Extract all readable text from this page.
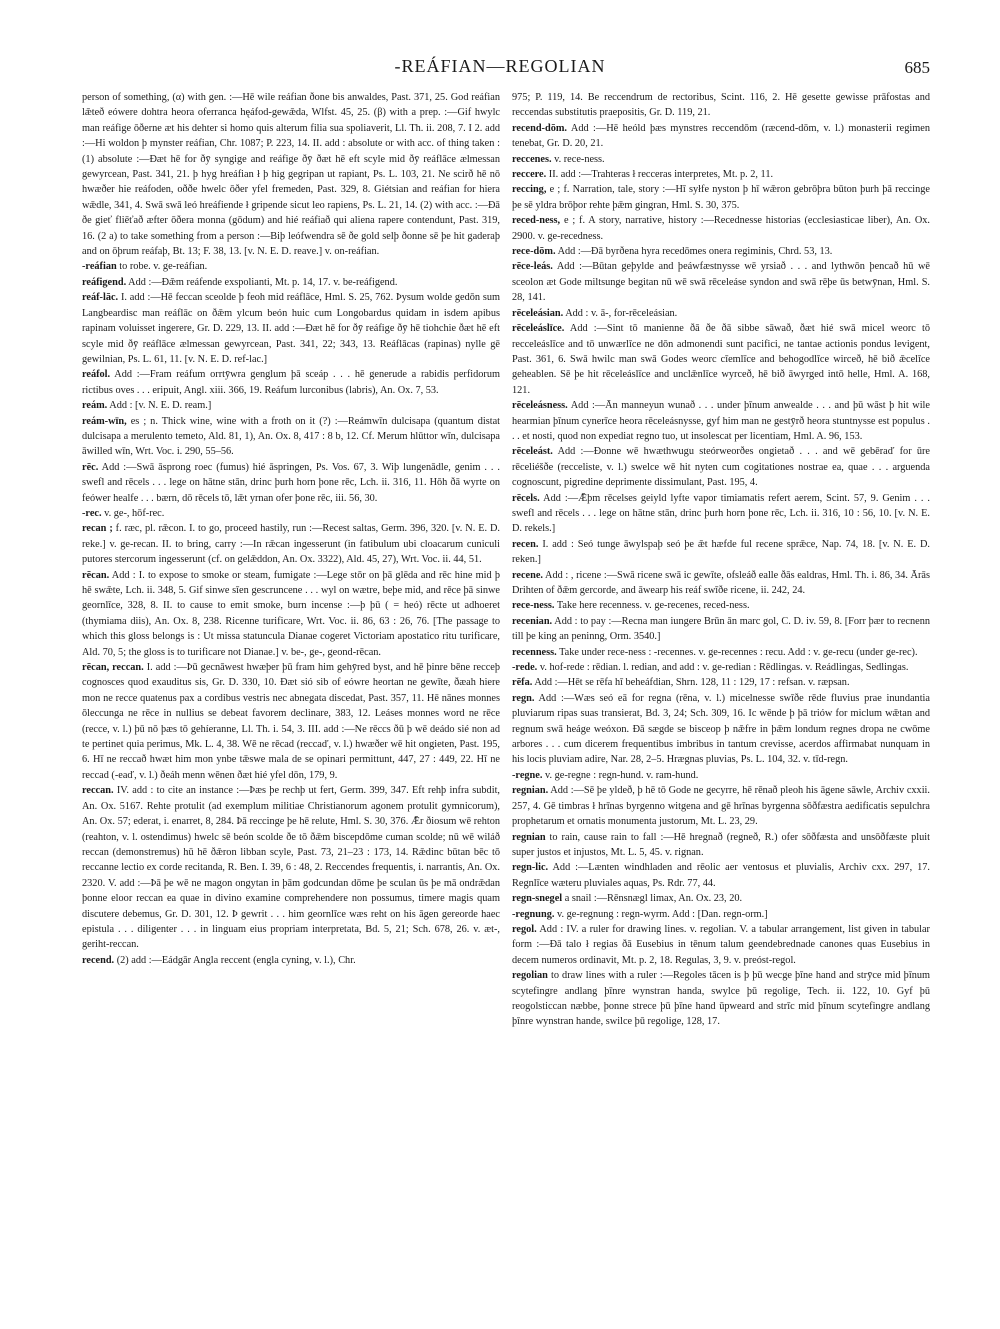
-REÁFIAN—REGOLIAN	685

person of something, (α) with gen. :—Hē wile reáfian ðone bis anwaldes, Past. 371, 25. God reáfian lǣteð eówere dohtra heora oferranca hęáfod-gewǣda, Wlfst. 45, 25. (β) with a prep. :—Gif hwylc man reáfige ōðerne æt his dehter si homo quis alterum filia sua spoliaverit, Ll. Th. ii. 208, 7. I 2. add :—Hi woldon þ mynster reáfian, Chr. 1087; P. 223, 14. II. add : absolute or with acc. of thing taken : (1) absolute :—Ðæt hē for ðȳ syngige and reáfige ðȳ ðæt hē eft scyle mid ðȳ reáflāce ælmessan gewyrcean, Past. 341, 21. þ hyg hreáfian ł þ hig gegripan ut rapiant, Ps. L. 103, 21. Ne scirð hē nō hwæðer hie reáfoden, oððe hwelc ōðer yfel fremeden, Past. 329, 8. Giétsian and reáfian for hiera wǣdle, 341, 4. Swā swā leó hreáfiende ł gripende sicut leo rapiens, Ps. L. 21, 14. (2) with acc. :—Ðā ðe gieť fliēťað æfter ōðera monna (gōdum) and hié reáfiað qui aliena rapere contendunt, Past. 319, 16. (2 a) to take something from a person :—Biþ leófwendra sē ðe gold selþ ðonne sē þe hit gaderaþ and on ōþrum reáfaþ, Bt. 13; F. 38, 13. [v. N. E. D. reave.] v. on-reáfian.

-reáfian to robe. v. ge-reáfian.

reáfigend. Add :—Ðǣm reáfende exspolianti, Mt. p. 14, 17. v. be-reáfigend.

reáf-lāc. I. add :—Hē feccan sceolde þ feoh mid reáflāce, Hml. S. 25, 762. Þysum wolde gedōn sum Langbeardisc man reáflāc on ðǣm ylcum beón huic cum Longobardus quidam in isdem apibus rapinam voluisset ingerere, Gr. D. 229, 13. II. add :—Ðæt hē for ðȳ reáfige ðȳ hē tiohchie ðæt hē eft scyle mid ðȳ reáflāce ælmessan gewyrcean, Past. 341, 22; 343, 13. Reáflācas (rapinas) nylle gē gewilnian, Ps. L. 61, 11. [v. N. E. D. ref-lac.]

reáfol. Add :—Fram reáfum orrtȳwra genglum þā sceáp . . . hē generude a rabidis perfidorum rictibus oves . . . eripuit, Angl. xiii. 366, 19. Reáfum lurconibus (labris), An. Ox. 7, 53.

reám. Add : [v. N. E. D. ream.]

reám-wīn, es ; n. Thick wine, wine with a froth on it (?) :—Reámwīn dulcisapa (quantum distat dulcisapa a merulento temeto, Ald. 81, 1), An. Ox. 8, 417 : 8 b, 12. Cf. Merum hlūttor wīn, dulcisapa āwilled wīn, Wrt. Voc. i. 290, 55–56.

rēc. Add :—Swā āsprong roec (fumus) hié āspringen, Ps. Vos. 67, 3. Wiþ lungenādle, genim . . . swefl and rēcels . . . lege on hātne stān, drinc þurh horn þone rēc, Lch. ii. 316, 11. Hōh ðā wyrte on feówer healfe . . . bærn, dō rēcels tō, lǣt yrnan ofer þone rēc, iii. 56, 30.

-rec. v. ge-, hōf-rec.

recan ; f. ræc, pl. rǣcon. I. to go, proceed hastily, run :—Recest saltas, Germ. 396, 320. [v. N. E. D. reke.] v. ge-recan. II. to bring, carry :—In rǣcan ingesserunt (in fatibulum ubi cloacarum cuniculi putores stercorum ingesserunt (cf. on gelǣddon, An. Ox. 3322), Ald. 45, 27), Wrt. Voc. ii. 44, 51.

rēcan. Add : I. to expose to smoke or steam, fumigate :—Lege stōr on þā glēda and rēc hine mid þ hē swǣte, Lch. ii. 348, 5. Gif sinwe sīen gescruncene . . . wyl on wætre, beþe mid, and rēce þā sinwe geornlīce, 328, 8. II. to cause to emit smoke, burn incense :—þ þū ( = heó) rēcte ut adhoeret (thymiama diis), An. Ox. 8, 238. Ricenne turificare, Wrt. Voc. ii. 86, 63 : 26, 76. [The passage to which this gloss belongs is : Ut missa statuncula Dianae cogeret Victoriam apostatico ritu turificare, Ald. 70, 5; the gloss is to turificare not Dianae.] v. be-, ge-, geond-rēcan.

rēcan, reccan. I. add :—Þū gecnāwest hwæþer þū fram him gehȳred byst, and hē þinre bēne recceþ cognosces quod exauditus sis, Gr. D. 330, 10. Ðæt sió sib of eówre heortan ne gewīte, ðæah hiere mon ne recce quatenus pax a cordibus vestris nec abnegata discedat, Past. 357, 11. Hē nānes monnes ōleccunga ne rēce in nullius se debeat favorem declinare, 383, 12. Leáses monnes word ne rēce (recce, v. l.) þū nō þæs tō gehíeranne, Ll. Th. i. 54, 3. III. add :—Ne rēccs ðū þ wē deádo sié non ad te pertinet quia perimus, Mk. L. 4, 38. Wē ne rēcad (reccaď, v. l.) hwæðer wē hit ongieten, Past. 195, 6. Hī ne reccað hwæt him mon ynbe tǣswe mala de se opinari permittunt, 447, 27 : 449, 22. Hī ne reccad (-eaď, v. l.) ðeáh menn wēnen ðæt hié yfel dōn, 179, 9.

reccan. IV. add : to cite an instance :—Þæs þe rechþ ut fert, Germ. 399, 347. Eft rehþ infra subdit, An. Ox. 5167. Rehte protulit (ad exemplum militiae Christianorum agonem protulit gymnicorum), An. Ox. 57; ederat, i. enarret, 8, 284. Þā reccinge þe hē relute, Hml. S. 30, 376. Ǣr ðiosum wē rehton (reahton, v. l. ostendimus) hwelc sē beón scolde ðe tō ðǣm biscepdōme cuman scolde; nū wē wiláð reccan (demonstremus) hū hē ðǣron libban scyle, Past. 73, 21–23 : 173, 14. Rǣdinc būtan bēc tō reccanne lectio ex corde recitanda, R. Ben. I. 39, 6 : 48, 2. Reccendes frequentis, i. narrantis, An. Ox. 2320. V. add :—Þā þe wē ne magon ongytan in þām godcundan dōme þe sculan ūs þe mā ondrǣdan þonne eloor reccan ea quae in divino examine comprehendere non possumus, timere magis quam discutere debemus, Gr. D. 301, 12. Þ gewrit . . . him geornlīce wæs reht on his āgen gereorde haec epistula . . . diligenter . . . in linguam eius propriam interpretata, Bd. 5, 21; Sch. 678, 26. v. æt-, geriht-reccan.

recend. (2) add :—Eádgār Angla reccent (engla cyning, v. l.), Chr.

975; P. 119, 14. Be reccendrum de rectoribus, Scint. 116, 2. Hē gesette gewisse prāfostas and reccendas substitutis praepositis, Gr. D. 119, 21.

recend-dōm. Add :—Hē heóld þæs mynstres reccendōm (ræcend-dōm, v. l.) monasterii regimen tenebat, Gr. D. 20, 21.

reccenes. v. rece-ness.

reccere. II. add :—Trahteras ł recceras interpretes, Mt. p. 2, 11.

reccing, e ; f. Narration, tale, story :—Hī syłfe nyston þ hī wǣron gebrōþra būton þurh þā reccinge þe sē yldra brōþor rehte þǣm gingran, Hml. S. 30, 375.

reced-ness, e ; f. A story, narrative, history :—Recednesse historias (ecclesiasticae liber), An. Ox. 2900. v. ge-recedness.

rece-dōm. Add :—Ðā byrðena hyra recedōmes onera regiminis, Chrd. 53, 13.

rēce-leás. Add :—Būtan geþylde and þeáwfæstnysse wē yrsiað . . . and lythwōn þencað hū wē sceolon æt Gode miltsunge begitan nū wē swā rēceleáse syndon and swā rēþe ūs betwȳnan, Hml. S. 28, 141.

rēceleásian. Add : v. ā-, for-rēceleásian.

rēceleáslīce. Add :—Sint tō manienne ðā ðe ðā sibbe sāwað, ðæt hié swā micel weorc tō recceleáslīce and tō unwærlīce ne dōn admonendi sunt pacifici, ne tantae actionis pondus levigent, Past. 361, 6. Swā hwilc man swā Godes weorc cīemlīce and behogodlīce wirceð, hē bið ǣcelīce geheablen. Sē þe hit rēceleáslīce and unclǣnlīce wyrceð, hē bið āwyrged intō helle, Hml. A. 168, 121.

rēceleásness. Add :—Ān manneyun wunað . . . under þīnum anwealde . . . and þū wāst þ hit wile hearmian þīnum cynerīce heora rēceleásnysse, gyf him man ne gestȳrð heora stuntnysse est populus . . . et nosti, quod non expediat regno tuo, ut insolescat per licentiam, Hml. A. 96, 153.

rēceleást. Add :—Ðonne wē hwæthwugu steórweorðes ongietað . . . and wē gebēraď for ūre rēceliéšðe (recceliste, v. l.) swelce wē hit nyten cum cogitationes nostrae ea, quae . . . arguenda cognoscunt, pigredine deprimente dissimulant, Past. 195, 4.

rēcels. Add :—Ǣþm rēcelses geiyld lyfte vapor timiamatis refert aerem, Scint. 57, 9. Genim . . . swefl and rēcels . . . lege on hātne stān, drinc þurh horn þone rēc, Lch. ii. 316, 10 : 56, 10. [v. N. E. D. rekels.]

recen. I. add : Seó tunge āwylspaþ seó þe ǣt hæfde ful recene sprǣce, Nap. 74, 18. [v. N. E. D. reken.]

recene. Add : , ricene :—Swā ricene swā ic gewīte, ofsleáð ealle ðās ealdras, Hml. Th. i. 86, 34. Ārās Drihten of ðǣm gercorde, and āwearp his reáf swīðe ricene, ii. 242, 24.

rece-ness. Take here recenness. v. ge-recenes, reced-ness.

recenian. Add : to pay :—Recna man iungere Brūn ān marc gol, C. D. iv. 59, 8. [Forr þær to recnenn till þe king an peninng, Orm. 3540.]

recenness. Take under rece-ness : -recennes. v. ge-recennes : recu. Add : v. ge-recu (under ge-rec).

-rede. v. hof-rede : rēdian. l. redian, and add : v. ge-redian : Rēdlingas. v. Reádlingas, Sedlingas.

rēfa. Add :—Hēt se rēfa hī beheáfdian, Shrn. 128, 11 : 129, 17 : refsan. v. ræpsan.

regn. Add :—Wæs seó eā for regna (rēna, v. l.) micelnesse swīðe rēde fluvius prae inundantia pluviarum ripas suas transierat, Bd. 3, 24; Sch. 309, 16. Ic wēnde þ þā triów for miclum wǣtan and regnum swā heáge weóxon. Ðā sægde se bisceop þ nǣfre in þǣm londum regnes dropa ne cwōme arbores . . . cum dicerem frequentibus imbribus in tantum crevisse, acerdos affirmabat nunquam in his locis pluviam adire, Nar. 28, 2–5. Hrægnas pluvias, Ps. L. 104, 32. v. tīd-regn.

-regne. v. ge-regne : regn-hund. v. ram-hund.

regnian. Add :—Sē þe yldeð, þ hē tō Gode ne gecyrre, hē rēnað pleoh his āgene sāwle, Archiv cxxii. 257, 4. Gē timbras ł hrīnas byrgenno witgena and gē hrīnas byrgenna sōðfæstra aedificatis sepulchra prophetarum et ornatis monumenta justorum, Mt. L. 23, 29.

regnian to rain, cause rain to fall :—Hē hregnað (regneð, R.) ofer sōðfæsta and unsōðfæste pluit super justos et injustos, Mt. L. 5, 45. v. rignan.

regn-lic. Add :—Lænten windhladen and rēolic aer ventosus et pluvialis, Archiv cxx. 297, 17. Regnlīce wæteru pluviales aquas, Ps. Rdr. 77, 44.

regn-snegel a snail :—Rēnsnægl limax, An. Ox. 23, 20.

-regnung. v. ge-regnung : regn-wyrm. Add : [Dan. regn-orm.]

regol. Add : IV. a ruler for drawing lines. v. regolian. V. a tabular arrangement, list given in tabular form :—Ðā talo ł regias ðā Eusebius in tēnum talum geendebrednade canones quas Eusebius in decem numeros ordinavit, Mt. p. 2, 18. Regulas, 3, 9. v. preóst-regol.

regolian to draw lines with a ruler :—Regoles tācen is þ þū wecge þīne hand and strȳce mid þīnum scytefingre andlang þīnre wynstran handa, swylce þū regolige, Tech. ii. 122, 10. Gyf þū reogolsticcan næbbe, þonne strece þū þīne hand ūpweard and strīc mid þīnum scytefingre andlang þīnre wynstran hande, swilce þū regolige, 128, 17.
